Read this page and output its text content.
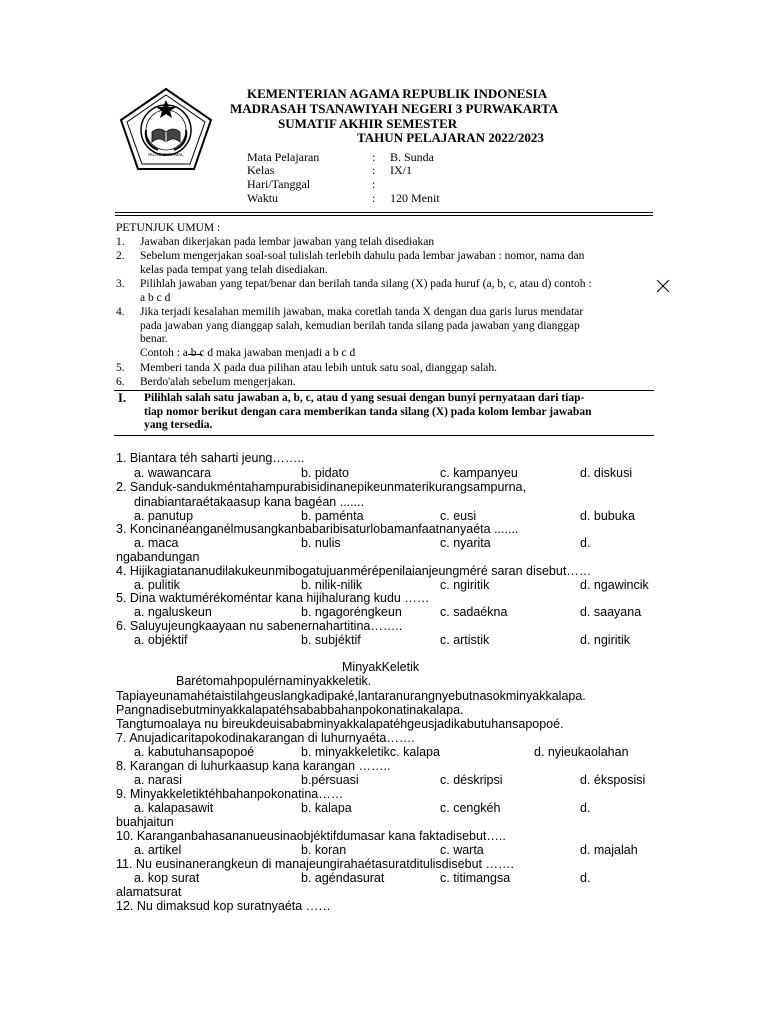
IKLAS BERAMAL
KEMENTERIAN AGAMA REPUBLIK INDONESIA
MADRASAH TSANAWIYAH NEGERI 3 PURWAKARTA
SUMATIF AKHIR SEMESTER
TAHUN PELAJARAN 2022/2023
Mata Pelajaran	: B. Sunda
Kelas	: IX/1
Hari/Tanggal	:
Waktu	: 120 Menit
PETUNJUK UMUM :
1. Jawaban dikerjakan pada lembar jawaban yang telah disediakan
2. Sebelum mengerjakan soal-soal tulislah terlebih dahulu pada lembar jawaban : nomor, nama dan
kelas pada tempat yang telah disediakan.
3. Pilihlah jawaban yang tepat/benar dan berilah tanda silang (X) pada huruf (a, b, c, atau d) contoh :
a b c d
4. Jika terjadi kesalahan memilih jawaban, maka coretlah tanda X dengan dua garis lurus mendatar
pada jawaban yang dianggap salah, kemudian berilah tanda silang pada jawaban yang dianggap
benar.
Contoh : a b c d maka jawaban menjadi a b c d
5. Memberi tanda X pada dua pilihan atau lebih untuk satu soal, dianggap salah.
6. Berdo'alah sebelum mengerjakan.
I. Pilihlah salah satu jawaban a, b, c, atau d yang sesuai dengan bunyi pernyataan dari tiap-
tiap nomor berikut dengan cara memberikan tanda silang (X) pada kolom lembar jawaban
yang tersedia.
1. Biantara téh saharti jeung……..
a. wawancara	b. pidato	c. kampanyeu	d. diskusi
2. Sanduk-sandukméntahampurabisidinanepikeunmaterikurangsampurna,
dinabiantaraétakaasup kana bagéan .......
a. panutup	b. paménta	c. eusi	d. bubuka
3. Koncinanéanganélmusangkanbabaribisaturlobamanfaatnanyaéta .......
a. maca	b. nulis	c. nyarita	d.
ngabandungan
4. Hijikagiatananudilakukeunmibogatujuanmérépenilaianjeungméré saran disebut……
a. pulitik	b. nilik-nilik	c. ngiritik	d. ngawincik
5. Dina waktumérékoméntar kana hijihalurang kudu ……
a. ngaluskeun	b. ngagoréngkeun	c. sadaékna	d. saayana
6. Saluyujeungkaayaan nu sabenernahartitina……..
a. objéktif	b. subjéktif	c. artistik	d. ngiritik
MinyakKeletik
Barétomahpopulérnaminyakkeletik.
Tapiayeunamahétaistilahgeuslangkadipaké,lantaranurangnyebutnasokminyakkalapa.
Pangnadisebutminyakkalapatéhsababbahanpokonatinakalapa.
Tangtumoalaya nu bireukdeuisababminyakkalapatéhgeusjadikabutuhansapopoé.
7. Anujadicaritapokodinakarangan di luhurnyaéta…….
a. kabutuhansapopoé	b. minyakkeletikc. kalapa	d. nyieukaolahan
8. Karangan di luhurkaasup kana karangan ……..
a. narasi	b.pérsuasi	c. déskripsi	d. éksposisi
9. Minyakkeletiktéhbahanpokonatina……
a. kalapasawit	b. kalapa	c. cengkéh	d.
buahjaitun
10. Karanganbahasananueusinaobjéktifdumasar kana faktadisebut…..
a. artikel	b. koran	c. warta	d. majalah
11. Nu eusinanerangkeun di manajeungirahaétasuratditulisdisebut …….
a. kop surat	b. agéndasurat	c. titimangsa	d.
alamatsurat
12. Nu dimaksud kop suratnyaéta ……
